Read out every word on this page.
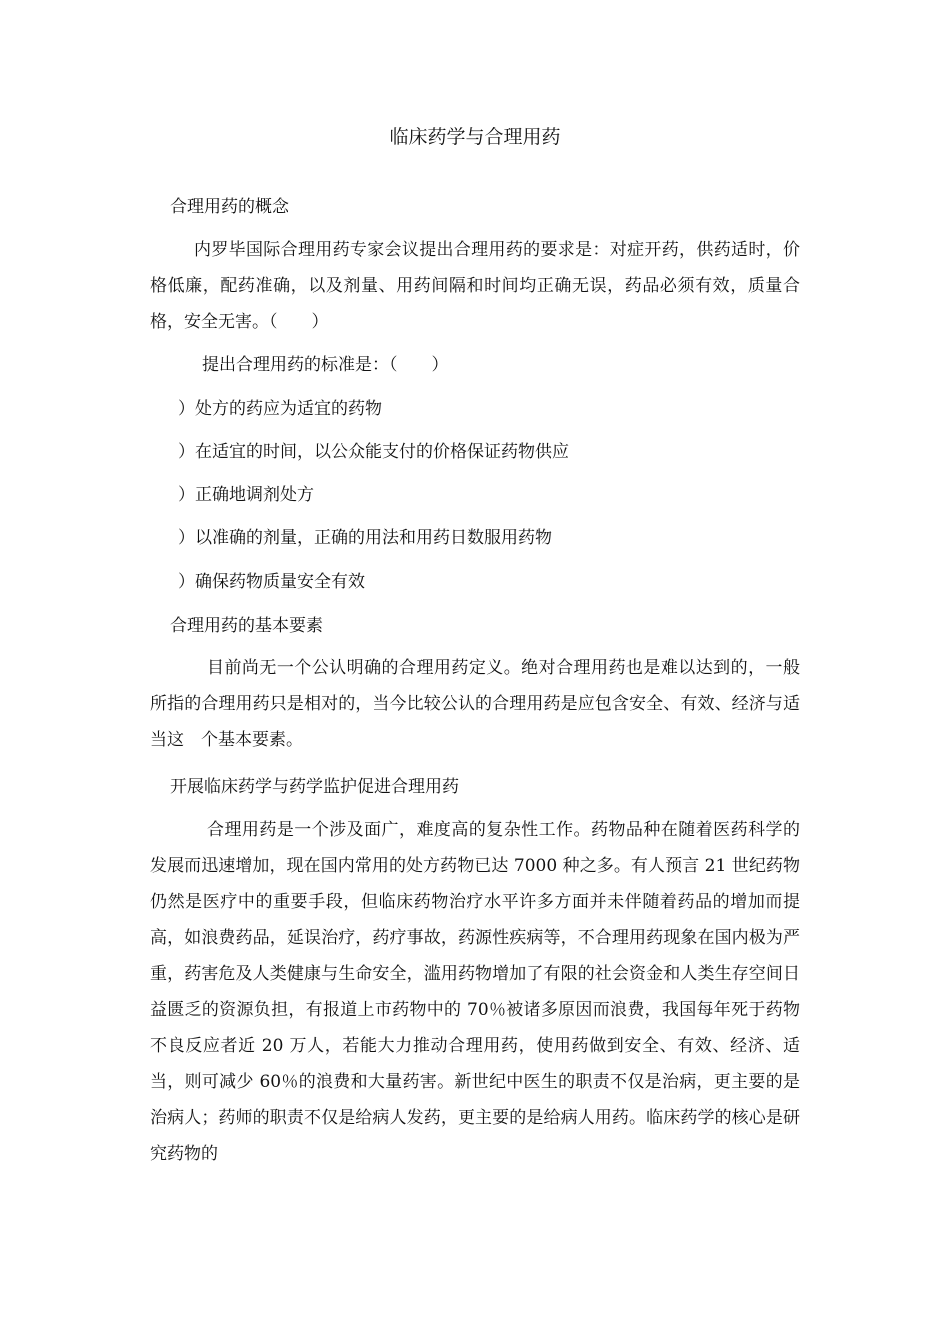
临床药学与合理用药
合理用药的概念
内罗毕国际合理用药专家会议提出合理用药的要求是：对症开药，供药适时，价格低廉，配药准确，以及剂量、用药间隔和时间均正确无误，药品必须有效，质量合格，安全无害。（　　）
提出合理用药的标准是：（　　）
）处方的药应为适宜的药物
）在适宜的时间，以公众能支付的价格保证药物供应
）正确地调剂处方
）以准确的剂量，正确的用法和用药日数服用药物
）确保药物质量安全有效
合理用药的基本要素
目前尚无一个公认明确的合理用药定义。绝对合理用药也是难以达到的，一般所指的合理用药只是相对的，当今比较公认的合理用药是应包含安全、有效、经济与适当这　个基本要素。
开展临床药学与药学监护促进合理用药
合理用药是一个涉及面广，难度高的复杂性工作。药物品种在随着医药科学的发展而迅速增加，现在国内常用的处方药物已达 7000 种之多。有人预言 21 世纪药物仍然是医疗中的重要手段，但临床药物治疗水平许多方面并未伴随着药品的增加而提高，如浪费药品，延误治疗，药疗事故，药源性疾病等，不合理用药现象在国内极为严重，药害危及人类健康与生命安全，滥用药物增加了有限的社会资金和人类生存空间日益匮乏的资源负担，有报道上市药物中的 70％被诸多原因而浪费，我国每年死于药物不良反应者近 20 万人，若能大力推动合理用药，使用药做到安全、有效、经济、适当，则可减少 60％的浪费和大量药害。新世纪中医生的职责不仅是治病，更主要的是治病人；药师的职责不仅是给病人发药，更主要的是给病人用药。临床药学的核心是研究药物的
